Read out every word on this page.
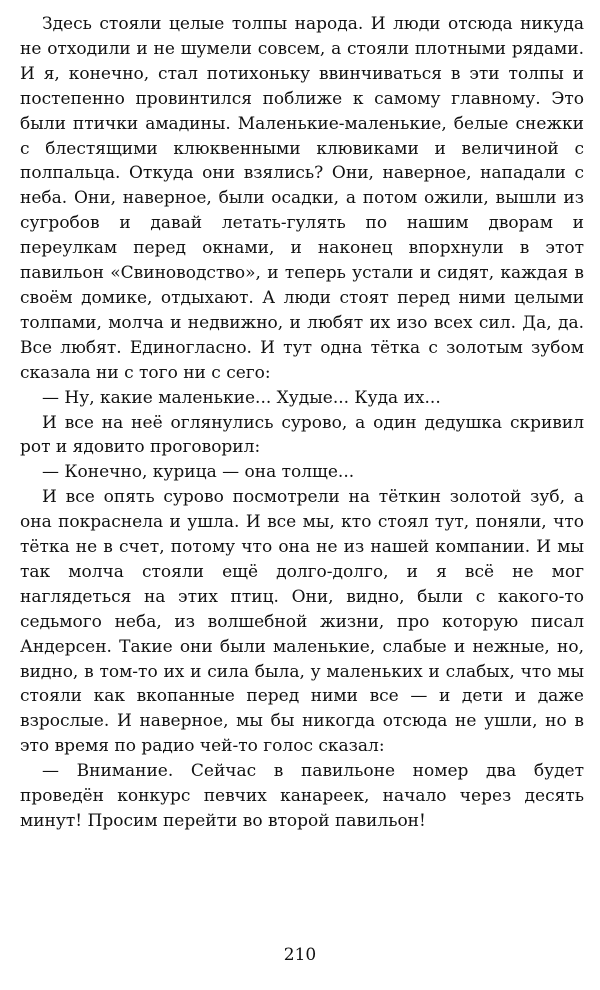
Здесь стояли целые толпы народа. И люди отсюда никуда не отходили и не шумели совсем, а стояли плотными рядами. И я, конечно, стал потихоньку ввинчиваться в эти толпы и постепенно провинтился поближе к самому главному. Это были птички амадины. Маленькие-маленькие, белые снежки с блестящими клюквенными клювиками и величиной с полпальца. Откуда они взялись? Они, наверное, нападали с неба. Они, наверное, были осадки, а потом ожили, вышли из сугробов и давай летать-гулять по нашим дворам и переулкам перед окнами, и наконец впорхнули в этот павильон «Свиноводство», и теперь устали и сидят, каждая в своём домике, отдыхают. А люди стоят перед ними целыми толпами, молча и недвижно, и любят их изо всех сил. Да, да. Все любят. Единогласно. И тут одна тётка с золотым зубом сказала ни с того ни с сего:

— Ну, какие маленькие... Худые... Куда их...

И все на неё оглянулись сурово, а один дедушка скривил рот и ядовито проговорил:

— Конечно, курица — она толще...

И все опять сурово посмотрели на тёткин золотой зуб, а она покраснела и ушла. И все мы, кто стоял тут, поняли, что тётка не в счет, потому что она не из нашей компании. И мы так молча стояли ещё долго-долго, и я всё не мог наглядеться на этих птиц. Они, видно, были с какого-то седьмого неба, из волшебной жизни, про которую писал Андерсен. Такие они были маленькие, слабые и нежные, но, видно, в том-то их и сила была, у маленьких и слабых, что мы стояли как вкопанные перед ними все — и дети и даже взрослые. И наверное, мы бы никогда отсюда не ушли, но в это время по радио чей-то голос сказал:

— Внимание. Сейчас в павильоне номер два будет проведён конкурс певчих канареек, начало через десять минут! Просим перейти во второй павильон!

210
